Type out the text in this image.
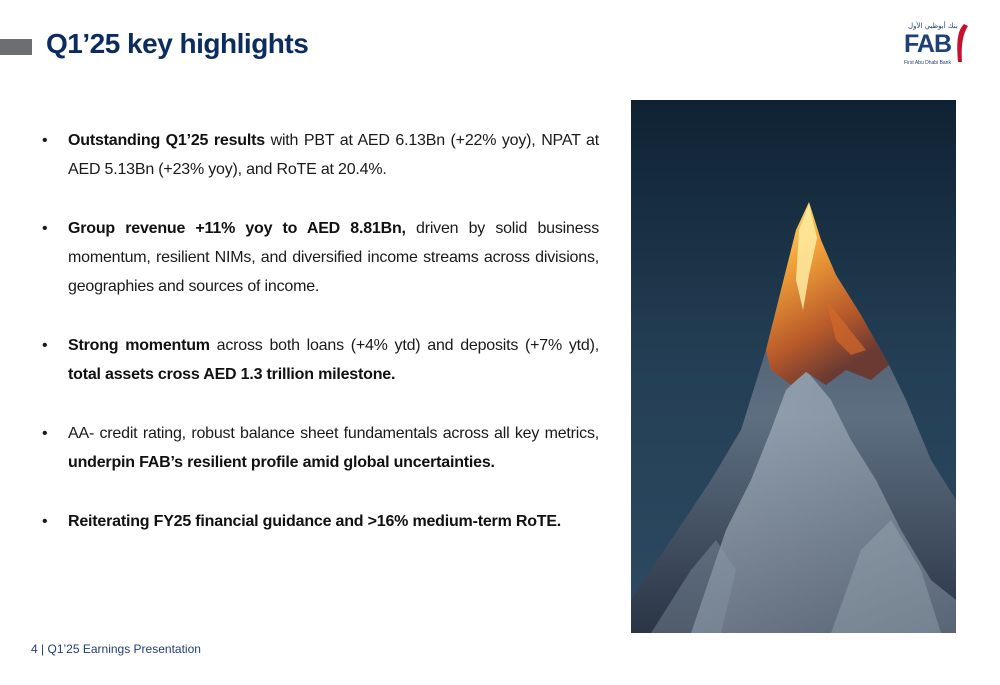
Q1’25 key highlights
بنك أبوظبي الأول
FAB
First Abu Dhabi Bank
• Outstanding Q1’25 results with PBT at AED 6.13Bn (+22% yoy), NPAT at AED 5.13Bn (+23% yoy), and RoTE at 20.4%.
• Group revenue +11% yoy to AED 8.81Bn, driven by solid business momentum, resilient NIMs, and diversified income streams across divisions, geographies and sources of income.
• Strong momentum across both loans (+4% ytd) and deposits (+7% ytd), total assets cross AED 1.3 trillion milestone.
• AA- credit rating, robust balance sheet fundamentals across all key metrics, underpin FAB’s resilient profile amid global uncertainties.
• Reiterating FY25 financial guidance and >16% medium-term RoTE.
4 | Q1’25 Earnings Presentation
